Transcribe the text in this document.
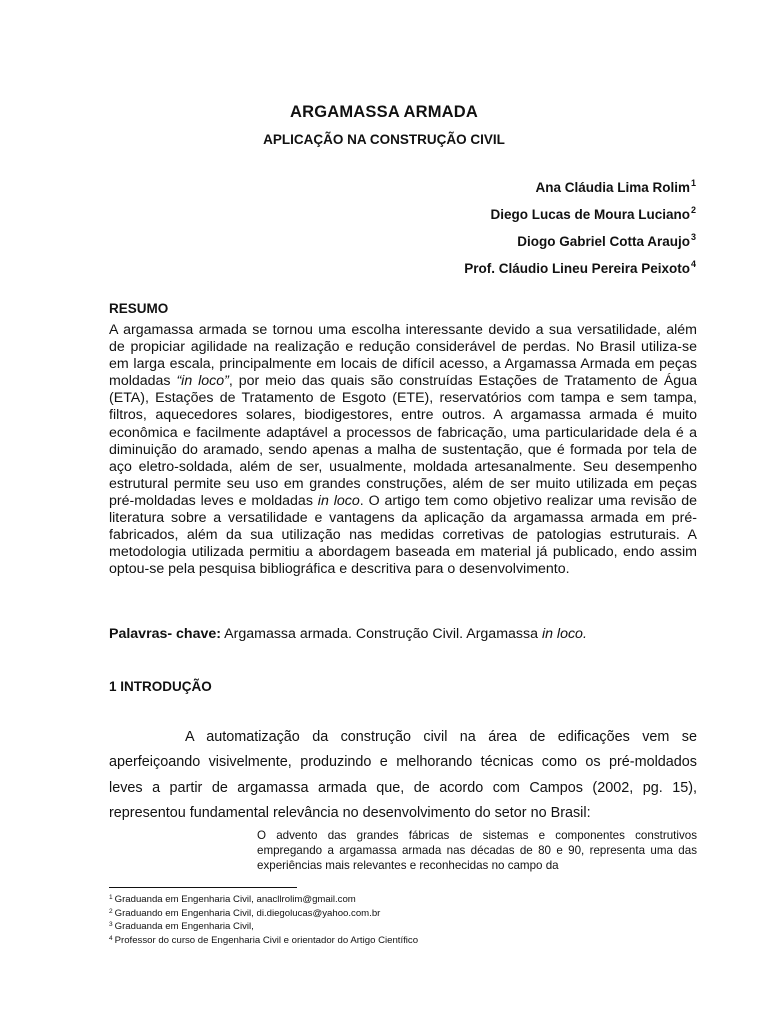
ARGAMASSA ARMADA
APLICAÇÃO NA CONSTRUÇÃO CIVIL
Ana Cláudia Lima Rolim$^1$
Diego Lucas de Moura Luciano$^2$
Diogo Gabriel Cotta Araujo$^3$
Prof. Cláudio Lineu Pereira Peixoto$^4$
RESUMO

A argamassa armada se tornou uma escolha interessante devido a sua versatilidade, além de propiciar agilidade na realização e redução considerável de perdas. No Brasil utiliza-se em larga escala, principalmente em locais de difícil acesso, a Argamassa Armada em peças moldadas “in loco”, por meio das quais são construídas Estações de Tratamento de Água (ETA), Estações de Tratamento de Esgoto (ETE), reservatórios com tampa e sem tampa, filtros, aquecedores solares, biodigestores, entre outros. A argamassa armada é muito econômica e facilmente adaptável a processos de fabricação, uma particularidade dela é a diminuição do aramado, sendo apenas a malha de sustentação, que é formada por tela de aço eletro-soldada, além de ser, usualmente, moldada artesanalmente. Seu desempenho estrutural permite seu uso em grandes construções, além de ser muito utilizada em peças pré-moldadas leves e moldadas in loco. O artigo tem como objetivo realizar uma revisão de literatura sobre a versatilidade e vantagens da aplicação da argamassa armada em pré-fabricados, além da sua utilização nas medidas corretivas de patologias estruturais. A metodologia utilizada permitiu a abordagem baseada em material já publicado, endo assim optou-se pela pesquisa bibliográfica e descritiva para o desenvolvimento.

Palavras- chave: Argamassa armada. Construção Civil. Argamassa in loco.
1 INTRODUÇÃO

A automatização da construção civil na área de edificações vem se aperfeiçoando visivelmente, produzindo e melhorando técnicas como os pré-moldados leves a partir de argamassa armada que, de acordo com Campos (2002, pg. 15), representou fundamental relevância no desenvolvimento do setor no Brasil:

O advento das grandes fábricas de sistemas e componentes construtivos empregando a argamassa armada nas décadas de 80 e 90, representa uma das experiências mais relevantes e reconhecidas no campo da

$^1$ Graduanda em Engenharia Civil, anacllrolim@gmail.com
$^2$ Graduando em Engenharia Civil, di.diegolucas@yahoo.com.br
$^3$ Graduanda em Engenharia Civil,
$^4$ Professor do curso de Engenharia Civil e orientador do Artigo Científico
